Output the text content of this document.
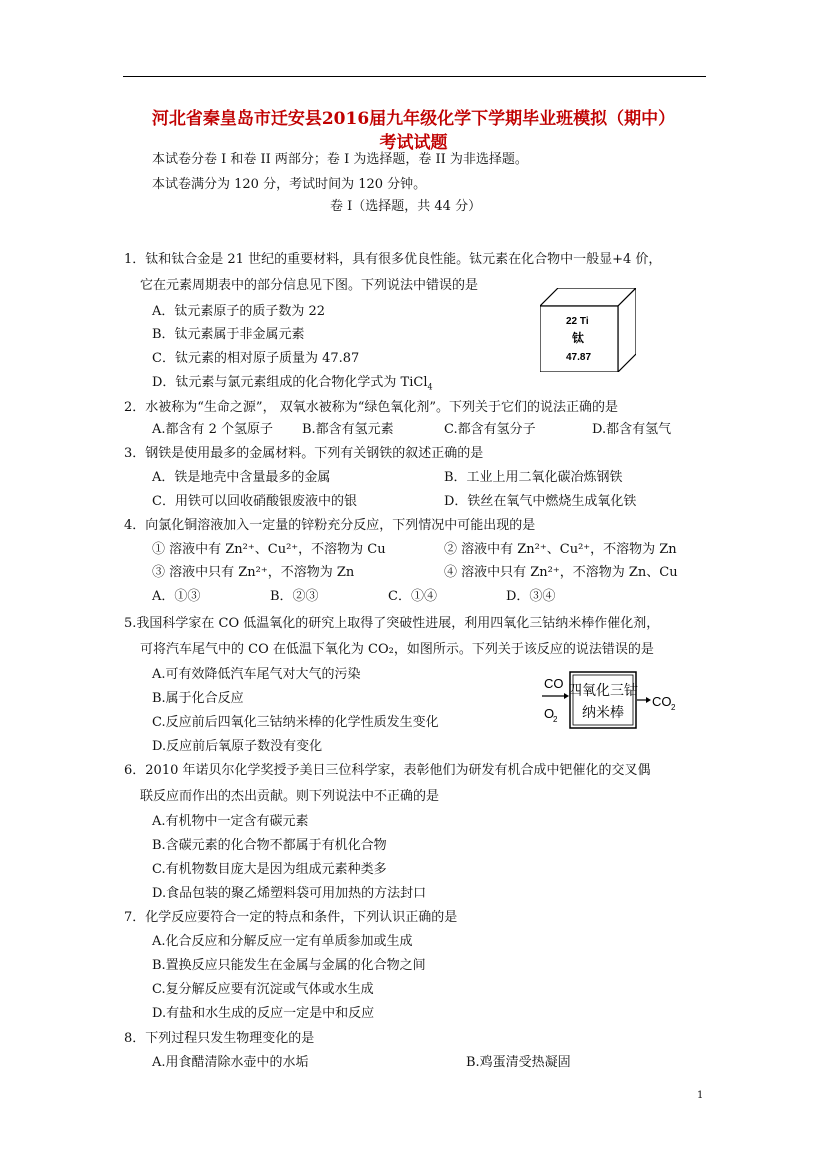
河北省秦皇岛市迁安县2016届九年级化学下学期毕业班模拟（期中）
考试试题
本试卷分卷 I 和卷 II 两部分；卷 I 为选择题，卷 II 为非选择题。
本试卷满分为 120 分，考试时间为 120 分钟。
卷 I（选择题，共 44 分）
1．钛和钛合金是 21 世纪的重要材料，具有很多优良性能。钛元素在化合物中一般显+4 价，
它在元素周期表中的部分信息见下图。下列说法中错误的是
A．钛元素原子的质子数为 22
B．钛元素属于非金属元素
C．钛元素的相对原子质量为 47.87
D．钛元素与氯元素组成的化合物化学式为 TiCl$_4$
22 Ti
钛
47.87
2．水被称为“生命之源”， 双氧水被称为“绿色氧化剂”。下列关于它们的说法正确的是
A.都含有 2 个氢原子 B.都含有氢元素	C.都含有氢分子	D.都含有氢气
3．钢铁是使用最多的金属材料。下列有关钢铁的叙述正确的是
A．铁是地壳中含量最多的金属	B．工业上用二氧化碳冶炼钢铁
C．用铁可以回收硝酸银废液中的银	D．铁丝在氧气中燃烧生成氧化铁
4．向氯化铜溶液加入一定量的锌粉充分反应，下列情况中可能出现的是
① 溶液中有 Zn²⁺、Cu²⁺，不溶物为 Cu	② 溶液中有 Zn²⁺、Cu²⁺，不溶物为 Zn
③ 溶液中只有 Zn²⁺，不溶物为 Zn	④ 溶液中只有 Zn²⁺，不溶物为 Zn、Cu
A．①③	B．②③	C．①④	D．③④
5.我国科学家在 CO 低温氧化的研究上取得了突破性进展，利用四氧化三钴纳米棒作催化剂，
可将汽车尾气中的 CO 在低温下氧化为 CO₂，如图所示。下列关于该反应的说法错误的是
A.可有效降低汽车尾气对大气的污染
B.属于化合反应
C.反应前后四氧化三钴纳米棒的化学性质发生变化
D.反应前后氧原子数没有变化
CO
O
2
四氧化三钴
纳米棒
CO 2
6．2010 年诺贝尔化学奖授予美日三位科学家，表彰他们为研发有机合成中钯催化的交叉偶
联反应而作出的杰出贡献。则下列说法中不正确的是
A.有机物中一定含有碳元素
B.含碳元素的化合物不都属于有机化合物
C.有机物数目庞大是因为组成元素种类多
D.食品包装的聚乙烯塑料袋可用加热的方法封口
7．化学反应要符合一定的特点和条件，下列认识正确的是
A.化合反应和分解反应一定有单质参加或生成
B.置换反应只能发生在金属与金属的化合物之间
C.复分解反应要有沉淀或气体或水生成
D.有盐和水生成的反应一定是中和反应
8．下列过程只发生物理变化的是
A.用食醋清除水壶中的水垢	B.鸡蛋清受热凝固
1
